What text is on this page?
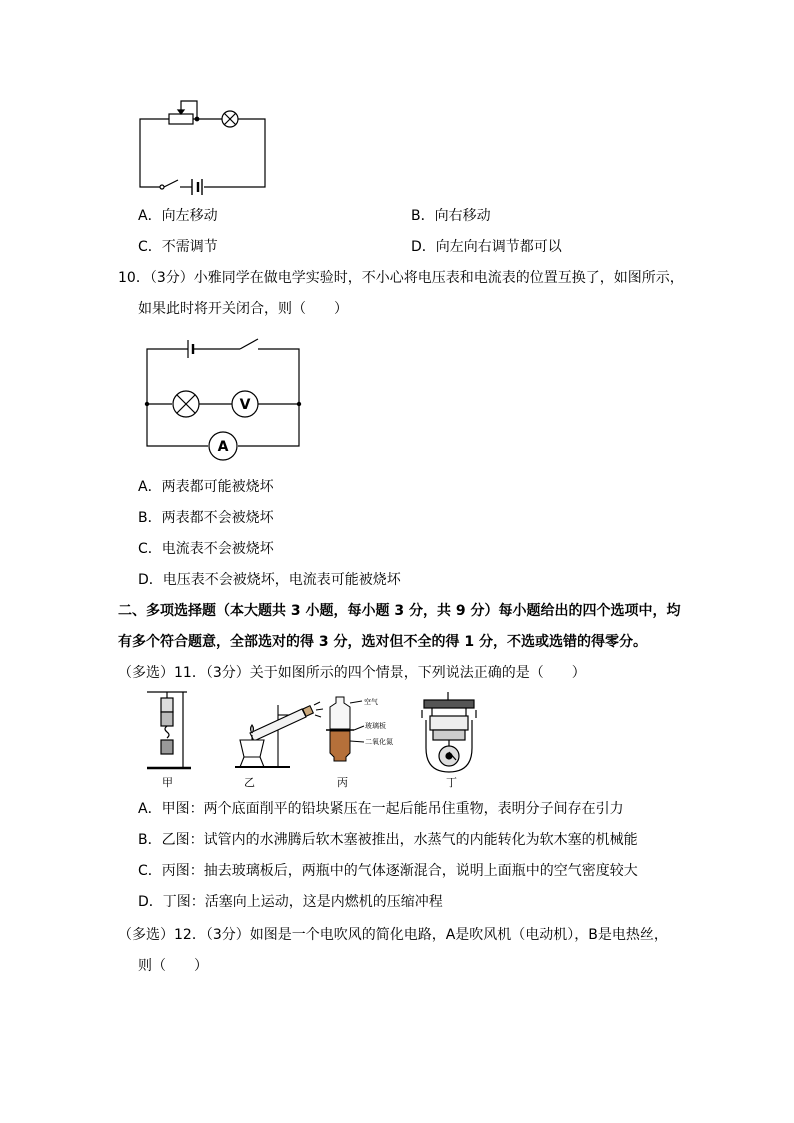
A．向左移动	B．向右移动
C．不需调节	D．向左向右调节都可以
10．（3分）小雅同学在做电学实验时，不小心将电压表和电流表的位置互换了，如图所示，
如果此时将开关闭合，则（　　）
V
A
A．两表都可能被烧坏
B．两表都不会被烧坏
C．电流表不会被烧坏
D．电压表不会被烧坏，电流表可能被烧坏
二、多项选择题（本大题共 3 小题，每小题 3 分，共 9 分）每小题给出的四个选项中，均
有多个符合题意，全部选对的得 3 分，选对但不全的得 1 分，不选或选错的得零分。
（多选）11．（3分）关于如图所示的四个情景，下列说法正确的是（　　）
甲	乙
空气
玻璃板
二氧化氮
丙	丁
A．甲图：两个底面削平的铅块紧压在一起后能吊住重物，表明分子间存在引力
B．乙图：试管内的水沸腾后软木塞被推出，水蒸气的内能转化为软木塞的机械能
C．丙图：抽去玻璃板后，两瓶中的气体逐渐混合，说明上面瓶中的空气密度较大
D．丁图：活塞向上运动，这是内燃机的压缩冲程
（多选）12．（3分）如图是一个电吹风的简化电路，A是吹风机（电动机），B是电热丝，
则（　　）
